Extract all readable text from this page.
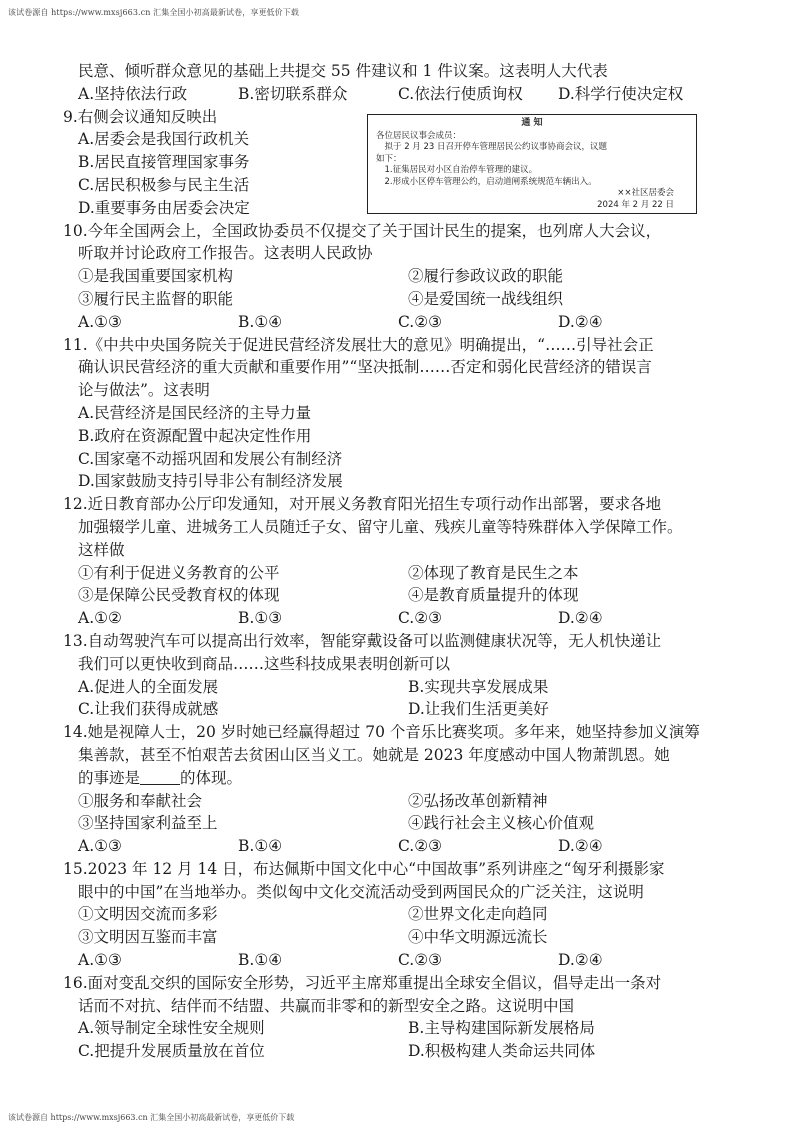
该试卷源自 https://www.mxsj663.cn 汇集全国小初高最新试卷，享更低价下载
通 知
各位居民议事会成员：
　拟于 2 月 23 日召开停车管理居民公约议事协商会议，议题
如下：
　1.征集居民对小区自治停车管理的建议。
　2.形成小区停车管理公约，启动道闸系统规范车辆出入。
××社区居委会
2024 年 2 月 22 日

民意、倾听群众意见的基础上共提交 55 件建议和 1 件议案。这表明人大代表

A.坚持依法行政	B.密切联系群众	C.依法行使质询权	D.科学行使决定权

9.右侧会议通知反映出

A.居委会是我国行政机关

B.居民直接管理国家事务

C.居民积极参与民主生活

D.重要事务由居委会决定

10.今年全国两会上，全国政协委员不仅提交了关于国计民生的提案，也列席人大会议，

听取并讨论政府工作报告。这表明人民政协

①是我国重要国家机构	②履行参政议政的职能
③履行民主监督的职能	④是爱国统一战线组织
A.①③	B.①④	C.②③	D.②④

11.《中共中央国务院关于促进民营经济发展壮大的意见》明确提出，“……引导社会正

确认识民营经济的重大贡献和重要作用”“坚决抵制……否定和弱化民营经济的错误言

论与做法”。这表明

A.民营经济是国民经济的主导力量

B.政府在资源配置中起决定性作用

C.国家毫不动摇巩固和发展公有制经济

D.国家鼓励支持引导非公有制经济发展

12.近日教育部办公厅印发通知，对开展义务教育阳光招生专项行动作出部署，要求各地

加强辍学儿童、进城务工人员随迁子女、留守儿童、残疾儿童等特殊群体入学保障工作。

这样做

①有利于促进义务教育的公平	②体现了教育是民生之本
③是保障公民受教育权的体现	④是教育质量提升的体现
A.①②	B.①③	C.②③	D.②④

13.自动驾驶汽车可以提高出行效率，智能穿戴设备可以监测健康状况等，无人机快递让

我们可以更快收到商品……这些科技成果表明创新可以

A.促进人的全面发展	B.实现共享发展成果
C.让我们获得成就感	D.让我们生活更美好

14.她是视障人士，20 岁时她已经赢得超过 70 个音乐比赛奖项。多年来，她坚持参加义演筹

集善款，甚至不怕艰苦去贫困山区当义工。她就是 2023 年度感动中国人物萧凯恩。她

的事迹是	的体现。

①服务和奉献社会	②弘扬改革创新精神
③坚持国家利益至上	④践行社会主义核心价值观
A.①③	B.①④	C.②③	D.②④

15.2023 年 12 月 14 日，布达佩斯中国文化中心“中国故事”系列讲座之“匈牙利摄影家

眼中的中国”在当地举办。类似匈中文化交流活动受到两国民众的广泛关注，这说明

①文明因交流而多彩	②世界文化走向趋同
③文明因互鉴而丰富	④中华文明源远流长
A.①③	B.①④	C.②③	D.②④

16.面对变乱交织的国际安全形势，习近平主席郑重提出全球安全倡议，倡导走出一条对

话而不对抗、结伴而不结盟、共赢而非零和的新型安全之路。这说明中国

A.领导制定全球性安全规则	B.主导构建国际新发展格局
C.把提升发展质量放在首位	D.积极构建人类命运共同体
该试卷源自 https://www.mxsj663.cn 汇集全国小初高最新试卷，享更低价下载
